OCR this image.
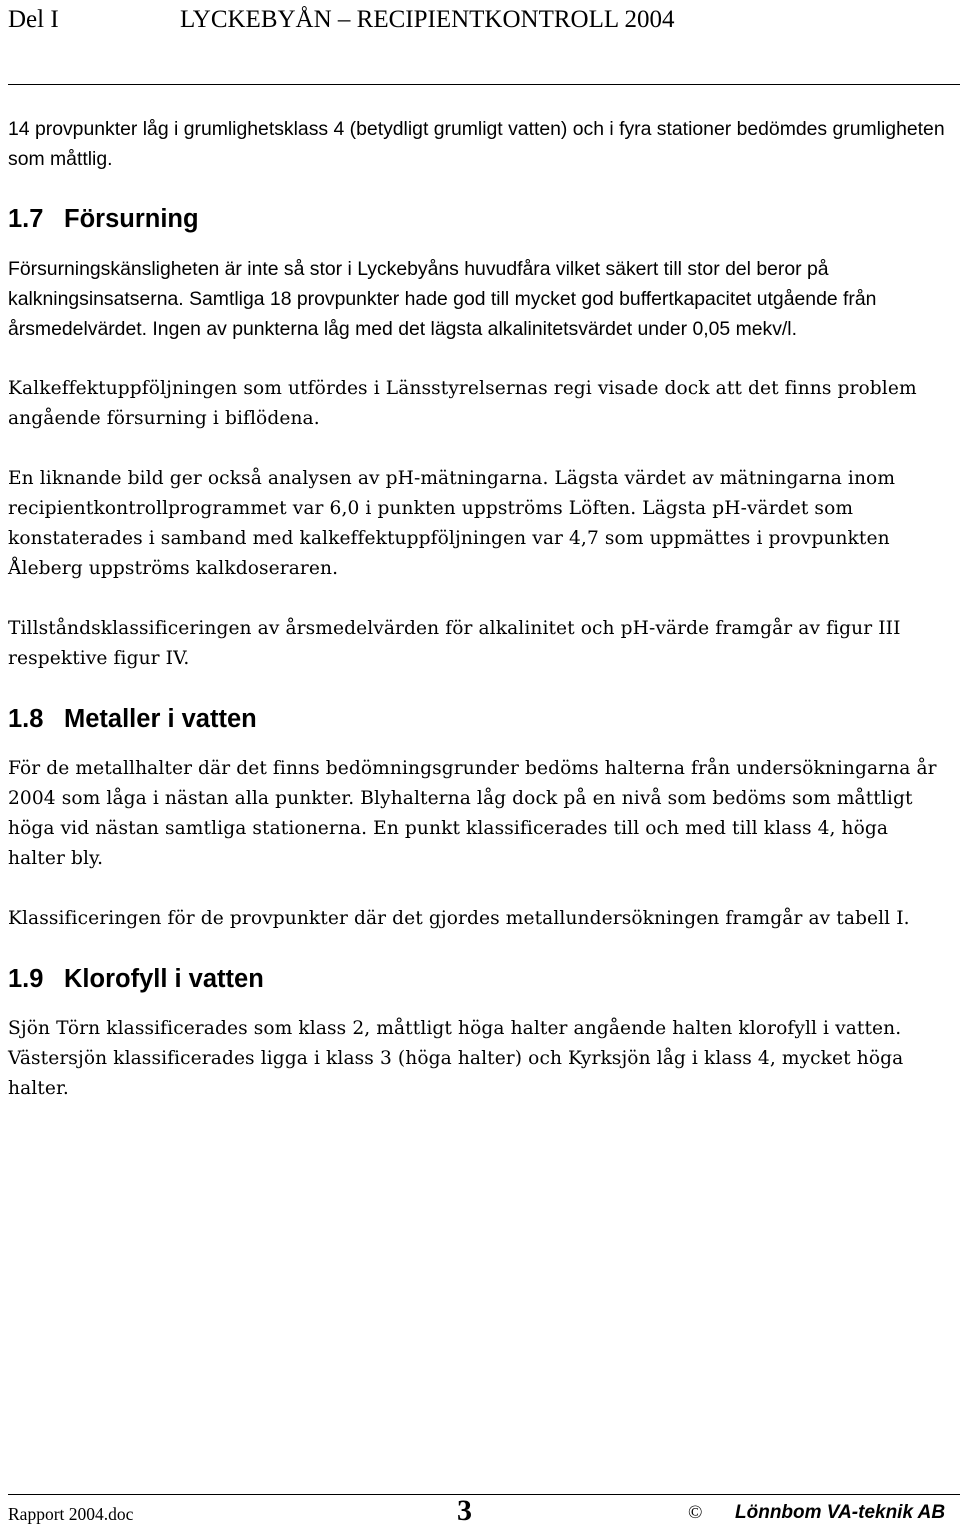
Del I	LYCKEBYÅN – RECIPIENTKONTROLL 2004

14 provpunkter låg i grumlighetsklass 4 (betydligt grumligt vatten) och i fyra stationer bedömdes grumligheten som måttlig.

1.7 Försurning

Försurningskänsligheten är inte så stor i Lyckebyåns huvudfåra vilket säkert till stor del beror på kalkningsinsatserna. Samtliga 18 provpunkter hade god till mycket god buffertkapacitet utgående från årsmedelvärdet. Ingen av punkterna låg med det lägsta alkalinitetsvärdet under 0,05 mekv/l.

Kalkeffektuppföljningen som utfördes i Länsstyrelsernas regi visade dock att det finns problem angående försurning i biflödena.

En liknande bild ger också analysen av pH-mätningarna. Lägsta värdet av mätningarna inom recipientkontrollprogrammet var 6,0 i punkten uppströms Löften. Lägsta pH-värdet som konstaterades i samband med kalkeffektuppföljningen var 4,7 som uppmättes i provpunkten Åleberg uppströms kalkdoseraren.

Tillståndsklassificeringen av årsmedelvärden för alkalinitet och pH-värde framgår av figur III respektive figur IV.

1.8 Metaller i vatten

För de metallhalter där det finns bedömningsgrunder bedöms halterna från undersökningarna år 2004 som låga i nästan alla punkter. Blyhalterna låg dock på en nivå som bedöms som måttligt höga vid nästan samtliga stationerna. En punkt klassificerades till och med till klass 4, höga halter bly.

Klassificeringen för de provpunkter där det gjordes metallundersökningen framgår av tabell I.

1.9 Klorofyll i vatten

Sjön Törn klassificerades som klass 2, måttligt höga halter angående halten klorofyll i vatten. Västersjön klassificerades ligga i klass 3 (höga halter) och Kyrksjön låg i klass 4, mycket höga halter.

Rapport 2004.doc	3	© Lönnbom VA-teknik AB
